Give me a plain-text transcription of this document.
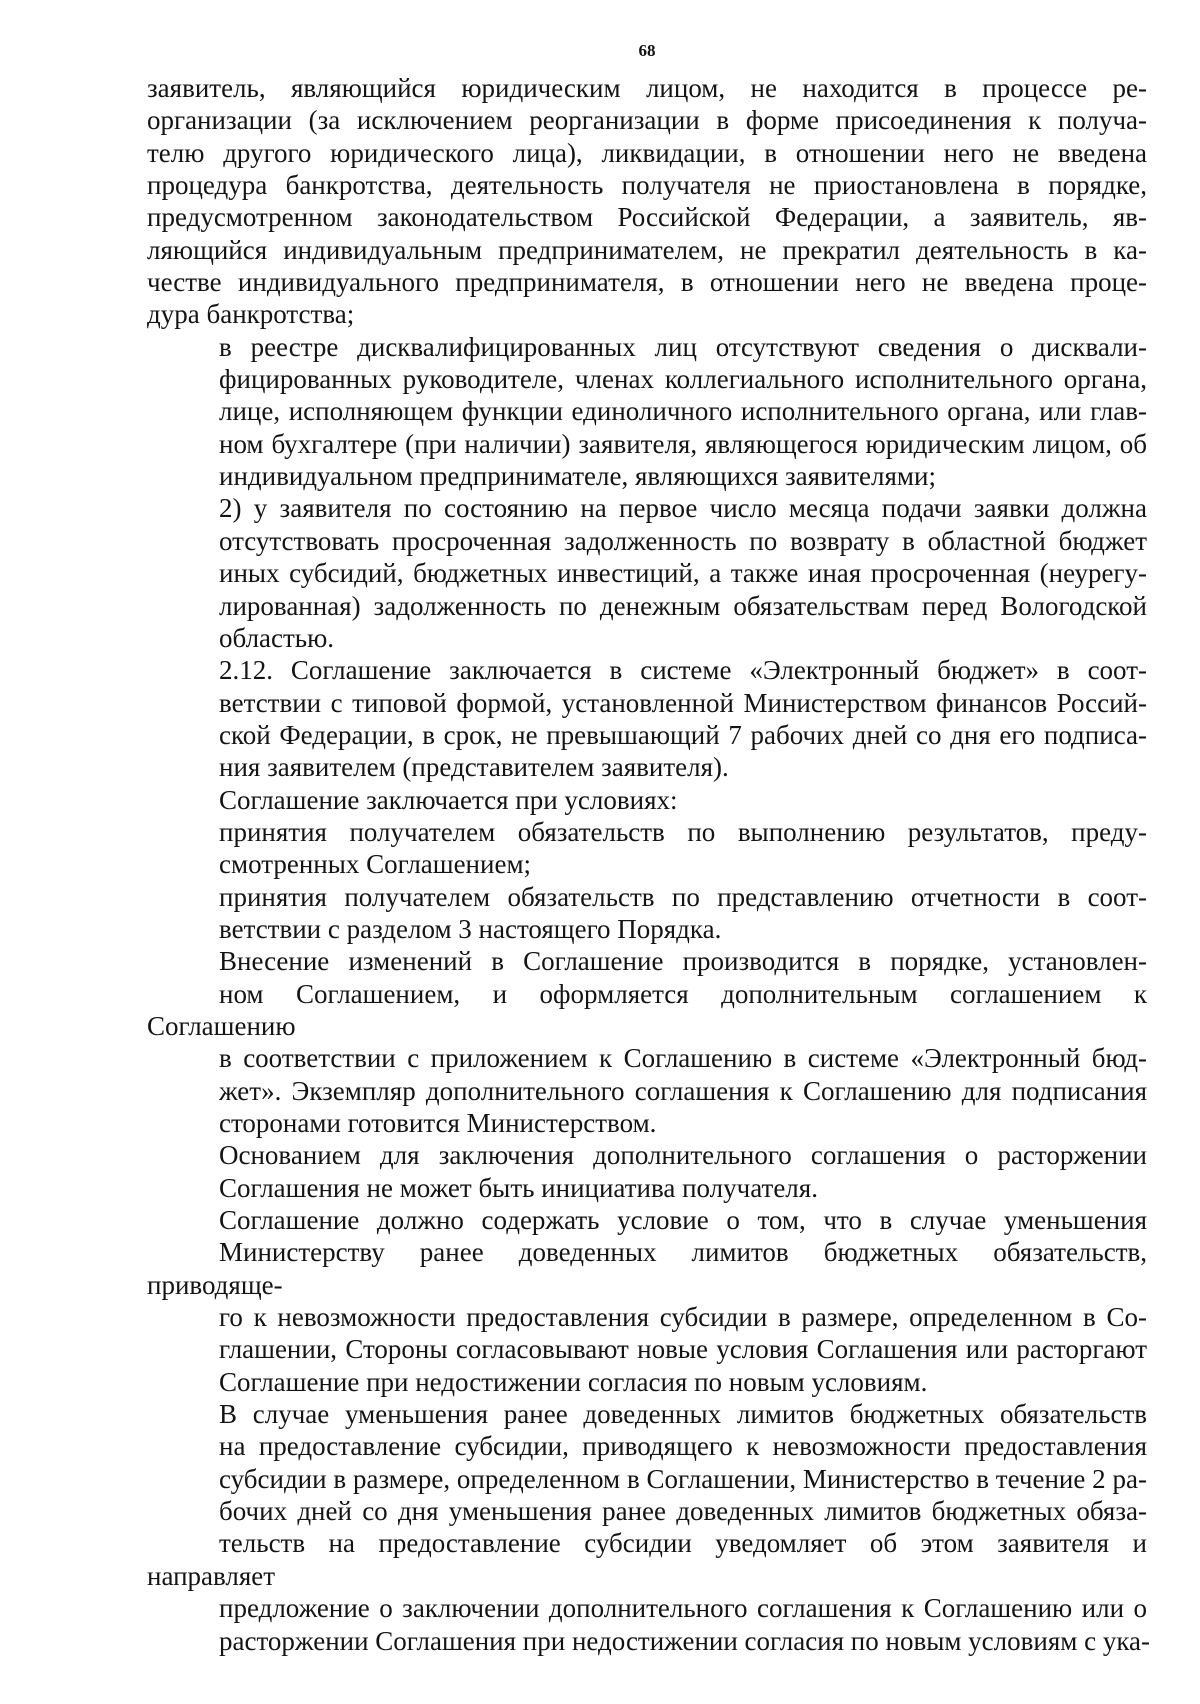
68
заявитель, являющийся юридическим лицом, не находится в процессе ре-
организации (за исключением реорганизации в форме присоединения к получа-
телю другого юридического лица), ликвидации, в отношении него не введена
процедура банкротства, деятельность получателя не приостановлена в порядке,
предусмотренном законодательством Российской Федерации, а заявитель, яв-
ляющийся индивидуальным предпринимателем, не прекратил деятельность в ка-
честве индивидуального предпринимателя, в отношении него не введена проце-
дура банкротства;
в реестре дисквалифицированных лиц отсутствуют сведения о дисквали-
фицированных руководителе, членах коллегиального исполнительного органа,
лице, исполняющем функции единоличного исполнительного органа, или глав-
ном бухгалтере (при наличии) заявителя, являющегося юридическим лицом, об
индивидуальном предпринимателе, являющихся заявителями;
2) у заявителя по состоянию на первое число месяца подачи заявки должна
отсутствовать просроченная задолженность по возврату в областной бюджет
иных субсидий, бюджетных инвестиций, а также иная просроченная (неурегу-
лированная) задолженность по денежным обязательствам перед Вологодской
областью.
2.12. Соглашение заключается в системе «Электронный бюджет» в соот-
ветствии с типовой формой, установленной Министерством финансов Россий-
ской Федерации, в срок, не превышающий 7 рабочих дней со дня его подписа-
ния заявителем (представителем заявителя).
Соглашение заключается при условиях:
принятия получателем обязательств по выполнению результатов, преду-
смотренных Соглашением;
принятия получателем обязательств по представлению отчетности в соот-
ветствии с разделом 3 настоящего Порядка.
Внесение изменений в Соглашение производится в порядке, установлен-
ном Соглашением, и оформляется дополнительным соглашением к Соглашению
в соответствии с приложением к Соглашению в системе «Электронный бюд-
жет». Экземпляр дополнительного соглашения к Соглашению для подписания
сторонами готовится Министерством.
Основанием для заключения дополнительного соглашения о расторжении
Соглашения не может быть инициатива получателя.
Соглашение должно содержать условие о том, что в случае уменьшения
Министерству ранее доведенных лимитов бюджетных обязательств, приводяще-
го к невозможности предоставления субсидии в размере, определенном в Со-
глашении, Стороны согласовывают новые условия Соглашения или расторгают
Соглашение при недостижении согласия по новым условиям.
В случае уменьшения ранее доведенных лимитов бюджетных обязательств
на предоставление субсидии, приводящего к невозможности предоставления
субсидии в размере, определенном в Соглашении, Министерство в течение 2 ра-
бочих дней со дня уменьшения ранее доведенных лимитов бюджетных обяза-
тельств на предоставление субсидии уведомляет об этом заявителя и направляет
предложение о заключении дополнительного соглашения к Соглашению или о
расторжении Соглашения при недостижении согласия по новым условиям с ука-
